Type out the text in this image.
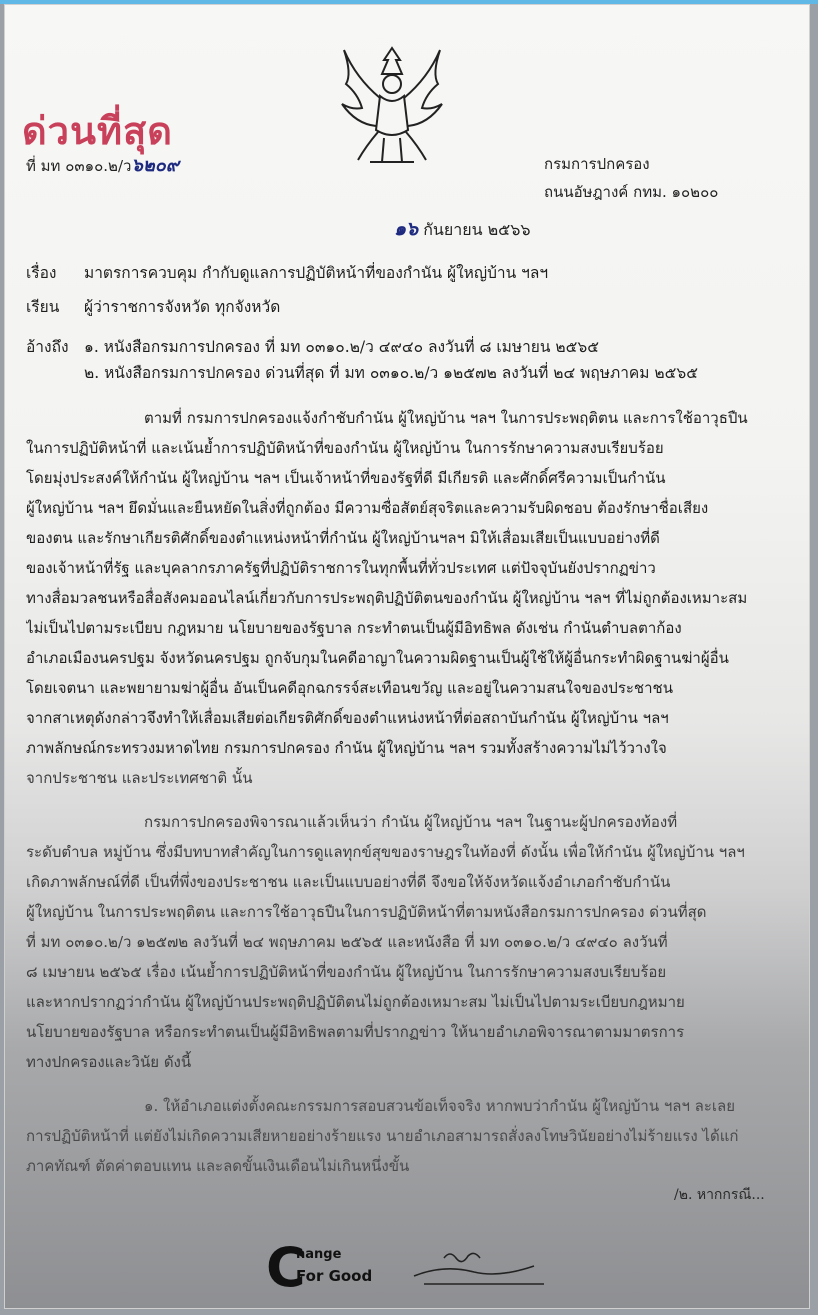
ด่วนที่สุด
ที่ มท ๐๓๑๐.๒/ว๖๒๐๙	กรมการปกครอง
ถนนอัษฎางค์ กทม. ๑๐๒๐๐
๑๖ กันยายน ๒๕๖๖
เรื่อง มาตรการควบคุม กำกับดูแลการปฏิบัติหน้าที่ของกำนัน ผู้ใหญ่บ้าน ฯลฯ
เรียน ผู้ว่าราชการจังหวัด ทุกจังหวัด
อ้างถึง ๑. หนังสือกรมการปกครอง ที่ มท ๐๓๑๐.๒/ว ๔๙๔๐ ลงวันที่ ๘ เมษายน ๒๕๖๕
๒. หนังสือกรมการปกครอง ด่วนที่สุด ที่ มท ๐๓๑๐.๒/ว ๑๒๕๗๒ ลงวันที่ ๒๔ พฤษภาคม ๒๕๖๕
ตามที่ กรมการปกครองแจ้งกำชับกำนัน ผู้ใหญ่บ้าน ฯลฯ ในการประพฤติตน และการใช้อาวุธปืน
ในการปฏิบัติหน้าที่ และเน้นย้ำการปฏิบัติหน้าที่ของกำนัน ผู้ใหญ่บ้าน ในการรักษาความสงบเรียบร้อย
โดยมุ่งประสงค์ให้กำนัน ผู้ใหญ่บ้าน ฯลฯ เป็นเจ้าหน้าที่ของรัฐที่ดี มีเกียรติ และศักดิ์ศรีความเป็นกำนัน
ผู้ใหญ่บ้าน ฯลฯ ยึดมั่นและยืนหยัดในสิ่งที่ถูกต้อง มีความซื่อสัตย์สุจริตและความรับผิดชอบ ต้องรักษาชื่อเสียง
ของตน และรักษาเกียรติศักดิ์ของตำแหน่งหน้าที่กำนัน ผู้ใหญ่บ้านฯลฯ มิให้เสื่อมเสียเป็นแบบอย่างที่ดี
ของเจ้าหน้าที่รัฐ และบุคลากรภาครัฐที่ปฏิบัติราชการในทุกพื้นที่ทั่วประเทศ แต่ปัจจุบันยังปรากฏข่าว
ทางสื่อมวลชนหรือสื่อสังคมออนไลน์เกี่ยวกับการประพฤติปฏิบัติตนของกำนัน ผู้ใหญ่บ้าน ฯลฯ ที่ไม่ถูกต้องเหมาะสม
ไม่เป็นไปตามระเบียบ กฎหมาย นโยบายของรัฐบาล กระทำตนเป็นผู้มีอิทธิพล ดังเช่น กำนันตำบลตาก้อง
อำเภอเมืองนครปฐม จังหวัดนครปฐม ถูกจับกุมในคดีอาญาในความผิดฐานเป็นผู้ใช้ให้ผู้อื่นกระทำผิดฐานฆ่าผู้อื่น
โดยเจตนา และพยายามฆ่าผู้อื่น อันเป็นคดีอุกฉกรรจ์สะเทือนขวัญ และอยู่ในความสนใจของประชาชน
จากสาเหตุดังกล่าวจึงทำให้เสื่อมเสียต่อเกียรติศักดิ์ของตำแหน่งหน้าที่ต่อสถาบันกำนัน ผู้ใหญ่บ้าน ฯลฯ
ภาพลักษณ์กระทรวงมหาดไทย กรมการปกครอง กำนัน ผู้ใหญ่บ้าน ฯลฯ รวมทั้งสร้างความไม่ไว้วางใจ
จากประชาชน และประเทศชาติ นั้น
กรมการปกครองพิจารณาแล้วเห็นว่า กำนัน ผู้ใหญ่บ้าน ฯลฯ ในฐานะผู้ปกครองท้องที่
ระดับตำบล หมู่บ้าน ซึ่งมีบทบาทสำคัญในการดูแลทุกข์สุขของราษฎรในท้องที่ ดังนั้น เพื่อให้กำนัน ผู้ใหญ่บ้าน ฯลฯ
เกิดภาพลักษณ์ที่ดี เป็นที่พึ่งของประชาชน และเป็นแบบอย่างที่ดี จึงขอให้จังหวัดแจ้งอำเภอกำชับกำนัน
ผู้ใหญ่บ้าน ในการประพฤติตน และการใช้อาวุธปืนในการปฏิบัติหน้าที่ตามหนังสือกรมการปกครอง ด่วนที่สุด
ที่ มท ๐๓๑๐.๒/ว ๑๒๕๗๒ ลงวันที่ ๒๔ พฤษภาคม ๒๕๖๕ และหนังสือ ที่ มท ๐๓๑๐.๒/ว ๔๙๔๐ ลงวันที่
๘ เมษายน ๒๕๖๕ เรื่อง เน้นย้ำการปฏิบัติหน้าที่ของกำนัน ผู้ใหญ่บ้าน ในการรักษาความสงบเรียบร้อย
และหากปรากฏว่ากำนัน ผู้ใหญ่บ้านประพฤติปฏิบัติตนไม่ถูกต้องเหมาะสม ไม่เป็นไปตามระเบียบกฎหมาย
นโยบายของรัฐบาล หรือกระทำตนเป็นผู้มีอิทธิพลตามที่ปรากฏข่าว ให้นายอำเภอพิจารณาตามมาตรการ
ทางปกครองและวินัย ดังนี้
๑. ให้อำเภอแต่งตั้งคณะกรรมการสอบสวนข้อเท็จจริง หากพบว่ากำนัน ผู้ใหญ่บ้าน ฯลฯ ละเลย
การปฏิบัติหน้าที่ แต่ยังไม่เกิดความเสียหายอย่างร้ายแรง นายอำเภอสามารถสั่งลงโทษวินัยอย่างไม่ร้ายแรง ได้แก่
ภาคทัณฑ์ ตัดค่าตอบแทน และลดขั้นเงินเดือนไม่เกินหนึ่งขั้น
/๒. หากกรณี...
C
hange
For Good
